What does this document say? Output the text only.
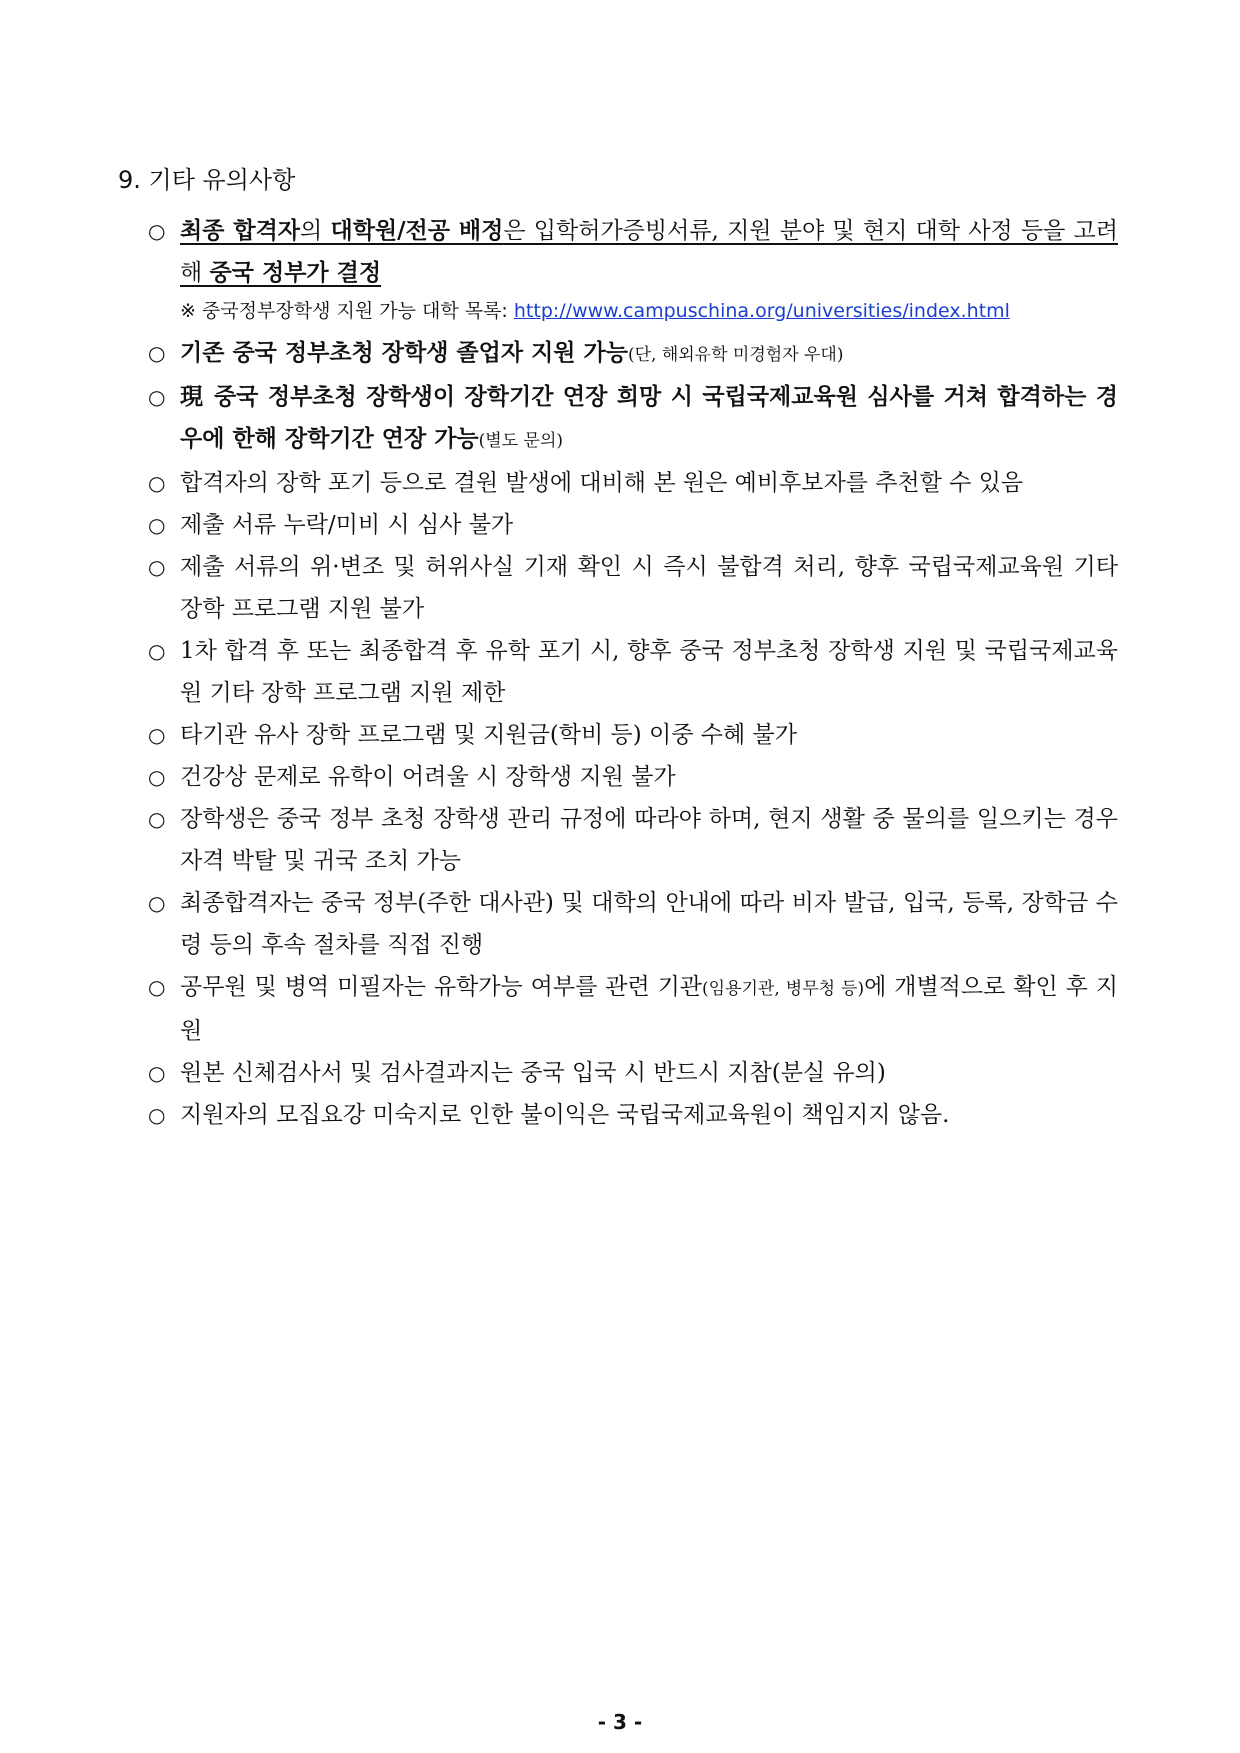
9. 기타 유의사항

○ 최종 합격자의 대학원/전공 배정은 입학허가증빙서류, 지원 분야 및 현지 대학 사정 등을 고려해 중국 정부가 결정

※ 중국정부장학생 지원 가능 대학 목록: http://www.campuschina.org/universities/index.html

○ 기존 중국 정부초청 장학생 졸업자 지원 가능(단, 해외유학 미경험자 우대)

○ 現 중국 정부초청 장학생이 장학기간 연장 희망 시 국립국제교육원 심사를 거쳐 합격하는 경우에 한해 장학기간 연장 가능(별도 문의)

○ 합격자의 장학 포기 등으로 결원 발생에 대비해 본 원은 예비후보자를 추천할 수 있음

○ 제출 서류 누락/미비 시 심사 불가

○ 제출 서류의 위·변조 및 허위사실 기재 확인 시 즉시 불합격 처리, 향후 국립국제교육원 기타 장학 프로그램 지원 불가

○ 1차 합격 후 또는 최종합격 후 유학 포기 시, 향후 중국 정부초청 장학생 지원 및 국립국제교육원 기타 장학 프로그램 지원 제한

○ 타기관 유사 장학 프로그램 및 지원금(학비 등) 이중 수혜 불가

○ 건강상 문제로 유학이 어려울 시 장학생 지원 불가

○ 장학생은 중국 정부 초청 장학생 관리 규정에 따라야 하며, 현지 생활 중 물의를 일으키는 경우 자격 박탈 및 귀국 조치 가능

○ 최종합격자는 중국 정부(주한 대사관) 및 대학의 안내에 따라 비자 발급, 입국, 등록, 장학금 수령 등의 후속 절차를 직접 진행

○ 공무원 및 병역 미필자는 유학가능 여부를 관련 기관(임용기관, 병무청 등)에 개별적으로 확인 후 지원

○ 원본 신체검사서 및 검사결과지는 중국 입국 시 반드시 지참(분실 유의)

○ 지원자의 모집요강 미숙지로 인한 불이익은 국립국제교육원이 책임지지 않음.

- 3 -
